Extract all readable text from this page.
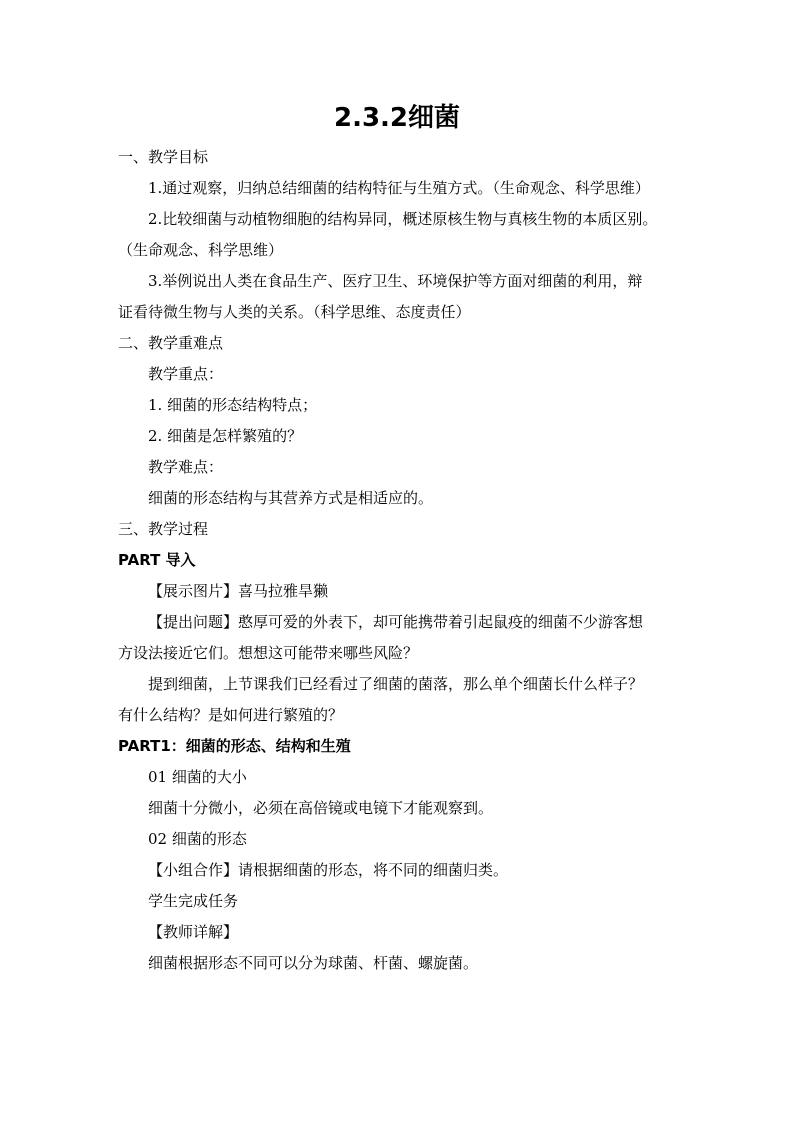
2.3.2细菌
一、教学目标
1.通过观察，归纳总结细菌的结构特征与生殖方式。（生命观念、科学思维）
2.比较细菌与动植物细胞的结构异同，概述原核生物与真核生物的本质区别。
（生命观念、科学思维）
3.举例说出人类在食品生产、医疗卫生、环境保护等方面对细菌的利用，辩
证看待微生物与人类的关系。（科学思维、态度责任）
二、教学重难点
教学重点：
1. 细菌的形态结构特点；
2. 细菌是怎样繁殖的？
教学难点：
细菌的形态结构与其营养方式是相适应的。
三、教学过程
PART 导入
【展示图片】喜马拉雅旱獭
【提出问题】憨厚可爱的外表下，却可能携带着引起鼠疫的细菌不少游客想
方设法接近它们。想想这可能带来哪些风险？
提到细菌，上节课我们已经看过了细菌的菌落，那么单个细菌长什么样子？
有什么结构？是如何进行繁殖的？
PART1：细菌的形态、结构和生殖
01 细菌的大小
细菌十分微小，必须在高倍镜或电镜下才能观察到。
02 细菌的形态
【小组合作】请根据细菌的形态，将不同的细菌归类。
学生完成任务
【教师详解】
细菌根据形态不同可以分为球菌、杆菌、螺旋菌。
